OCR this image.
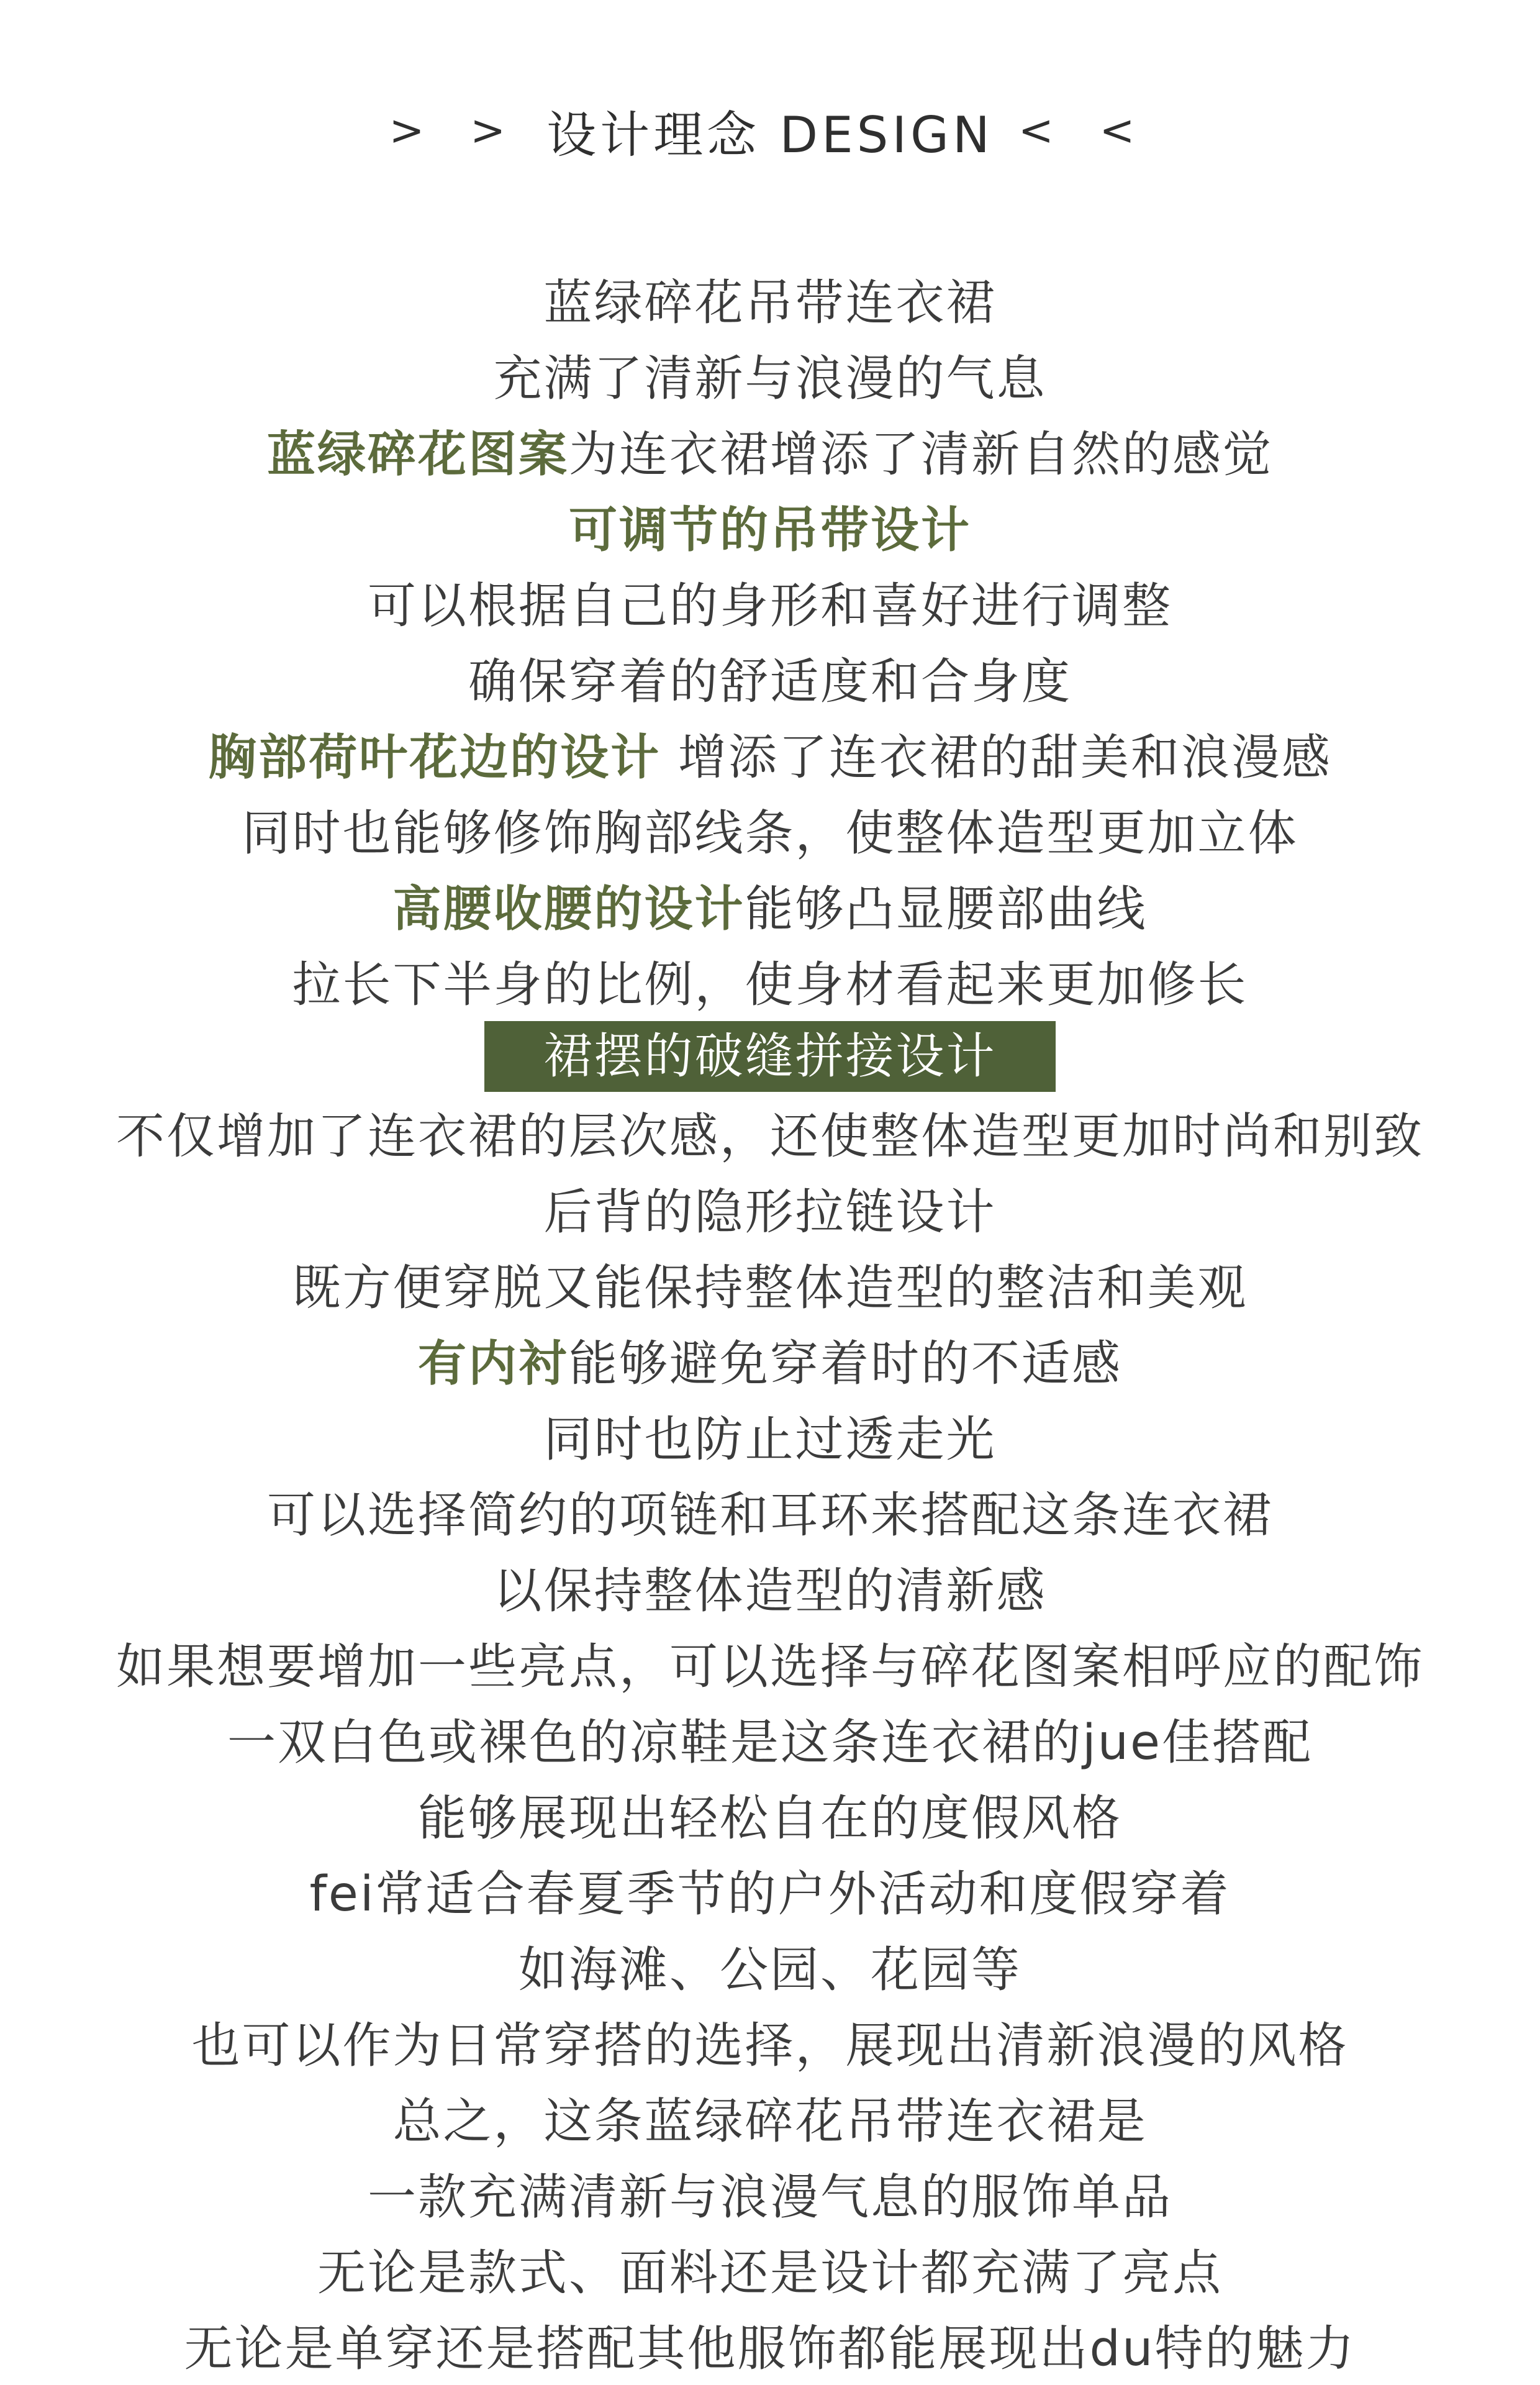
> > 设计理念 DESIGN < <
蓝绿碎花吊带连衣裙
充满了清新与浪漫的气息
蓝绿碎花图案 为连衣裙增添了清新自然的感觉
可调节的吊带设计
可以根据自己的身形和喜好进行调整
确保穿着的舒适度和合身度
胸部荷叶花边的设计 增添了连衣裙的甜美和浪漫感
同时也能够修饰胸部线条，使整体造型更加立体
高腰收腰的设计 能够凸显腰部曲线
拉长下半身的比例，使身材看起来更加修长
裙摆的破缝拼接设计
不仅增加了连衣裙的层次感，还使整体造型更加时尚和别致
后背的隐形拉链设计
既方便穿脱又能保持整体造型的整洁和美观
有内衬 能够避免穿着时的不适感
同时也防止过透走光
可以选择简约的项链和耳环来搭配这条连衣裙
以保持整体造型的清新感
如果想要增加一些亮点，可以选择与碎花图案相呼应的配饰
一双白色或裸色的凉鞋是这条连衣裙的jue佳搭配
能够展现出轻松自在的度假风格
fei常适合春夏季节的户外活动和度假穿着
如海滩、公园、花园等
也可以作为日常穿搭的选择，展现出清新浪漫的风格
总之，这条蓝绿碎花吊带连衣裙是
一款充满清新与浪漫气息的服饰单品
无论是款式、面料还是设计都充满了亮点
无论是单穿还是搭配其他服饰都能展现出du特的魅力
